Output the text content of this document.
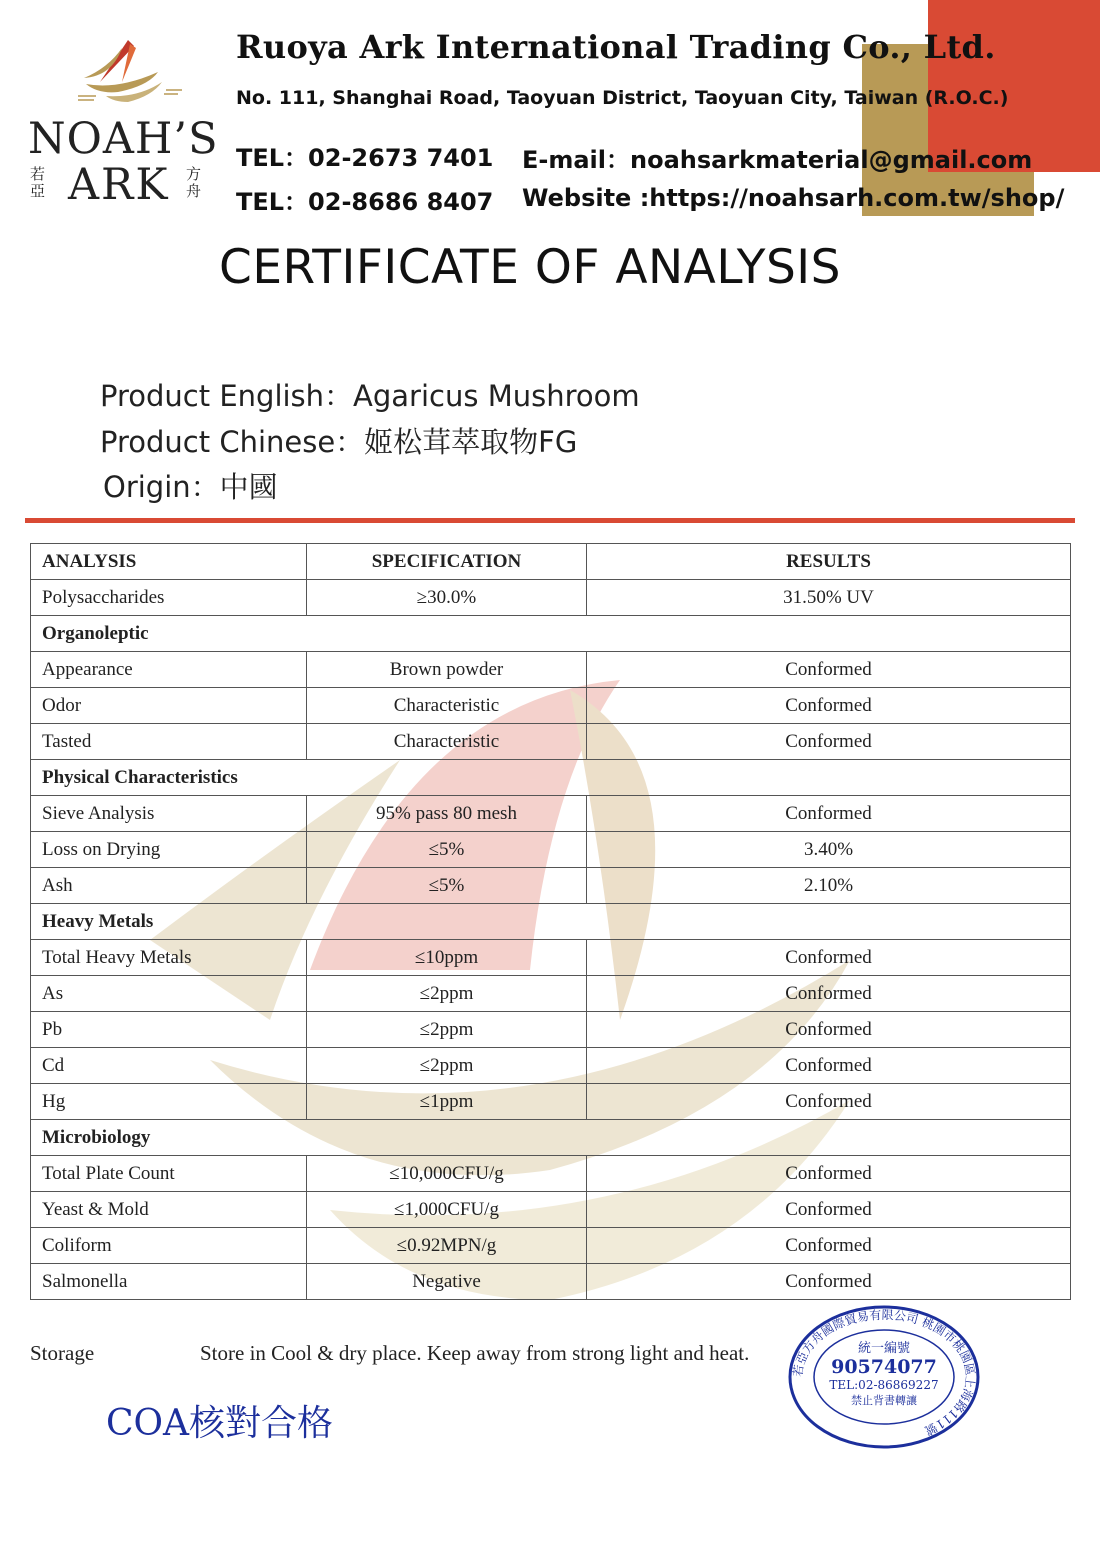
NOAH’S
若亞 ARK 方舟
Ruoya Ark International Trading Co., Ltd.
No. 111, Shanghai Road, Taoyuan District, Taoyuan City, Taiwan (R.O.C.)
TEL：02-2673 7401
TEL：02-8686 8407
E-mail：noahsarkmaterial@gmail.com
Website :https://noahsarh.com.tw/shop/
CERTIFICATE OF ANALYSIS
Product English：Agaricus Mushroom
Product Chinese：姬松茸萃取物FG
Origin：中國
ANALYSIS	SPECIFICATION	RESULTS
Polysaccharides	≥30.0%	31.50% UV
Organoleptic		
Appearance	Brown powder	Conformed
Odor	Characteristic	Conformed
Tasted	Characteristic	Conformed
Physical Characteristics		
Sieve Analysis	95% pass 80 mesh	Conformed
Loss on Drying	≤5%	3.40%
Ash	≤5%	2.10%
Heavy Metals		
Total Heavy Metals	≤10ppm	Conformed
As	≤2ppm	Conformed
Pb	≤2ppm	Conformed
Cd	≤2ppm	Conformed
Hg	≤1ppm	Conformed
Microbiology		
Total Plate Count	≤10,000CFU/g	Conformed
Yeast & Mold	≤1,000CFU/g	Conformed
Coliform	≤0.92MPN/g	Conformed
Salmonella	Negative	Conformed
Storage	Store in Cool & dry place. Keep away from strong light and heat.
COA核對合格
統一編號
90574077
TEL:02-86869227
禁止背書轉讓
若亞方舟國際貿易有限公司 桃園市桃園區上海路111號
